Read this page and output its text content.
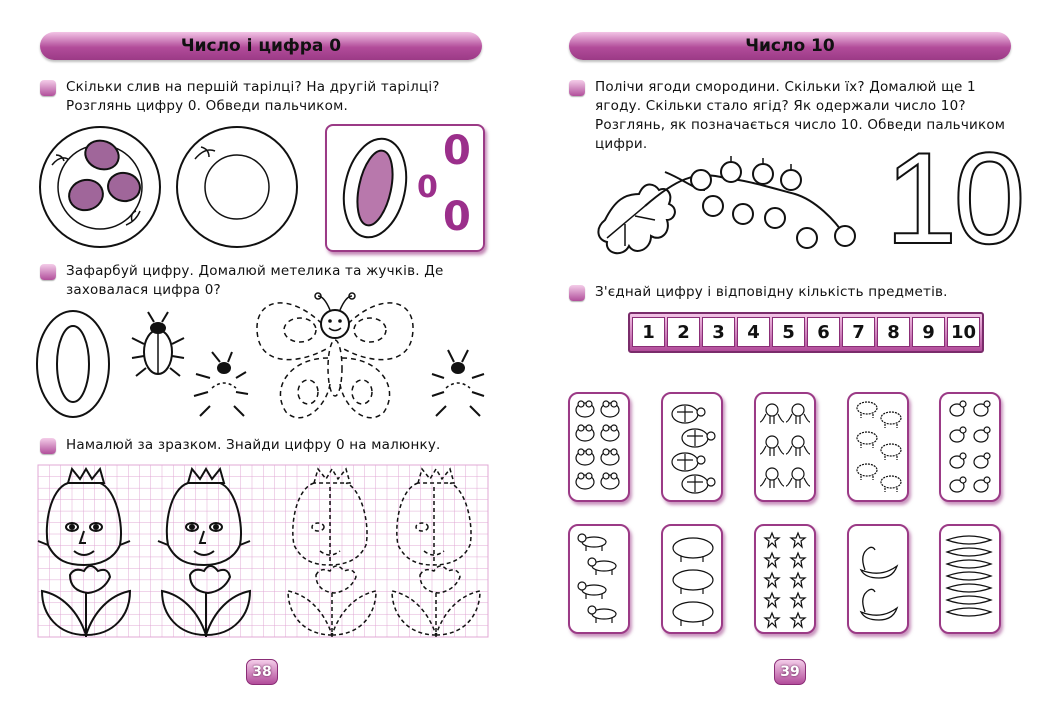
Число і цифра 0
Скільки слив на першій тарілці? На другій тарілці? Розглянь цифру 0. Обведи пальчиком.
0
0
0
Зафарбуй цифру. Домалюй метелика та жучків. Де заховалася цифра 0?
Намалюй за зразком. Знайди цифру 0 на малюнку.
38
Число 10
Полічи ягоди смородини. Скільки їх? Домалюй ще 1 ягоду. Скільки стало ягід? Як одержали число 10? Розглянь, як позначається число 10. Обведи пальчиком цифри.	10
З'єднай цифру і відповідну кількість предметів.
1	2	3	4	5	6	7	8	9 10
39
